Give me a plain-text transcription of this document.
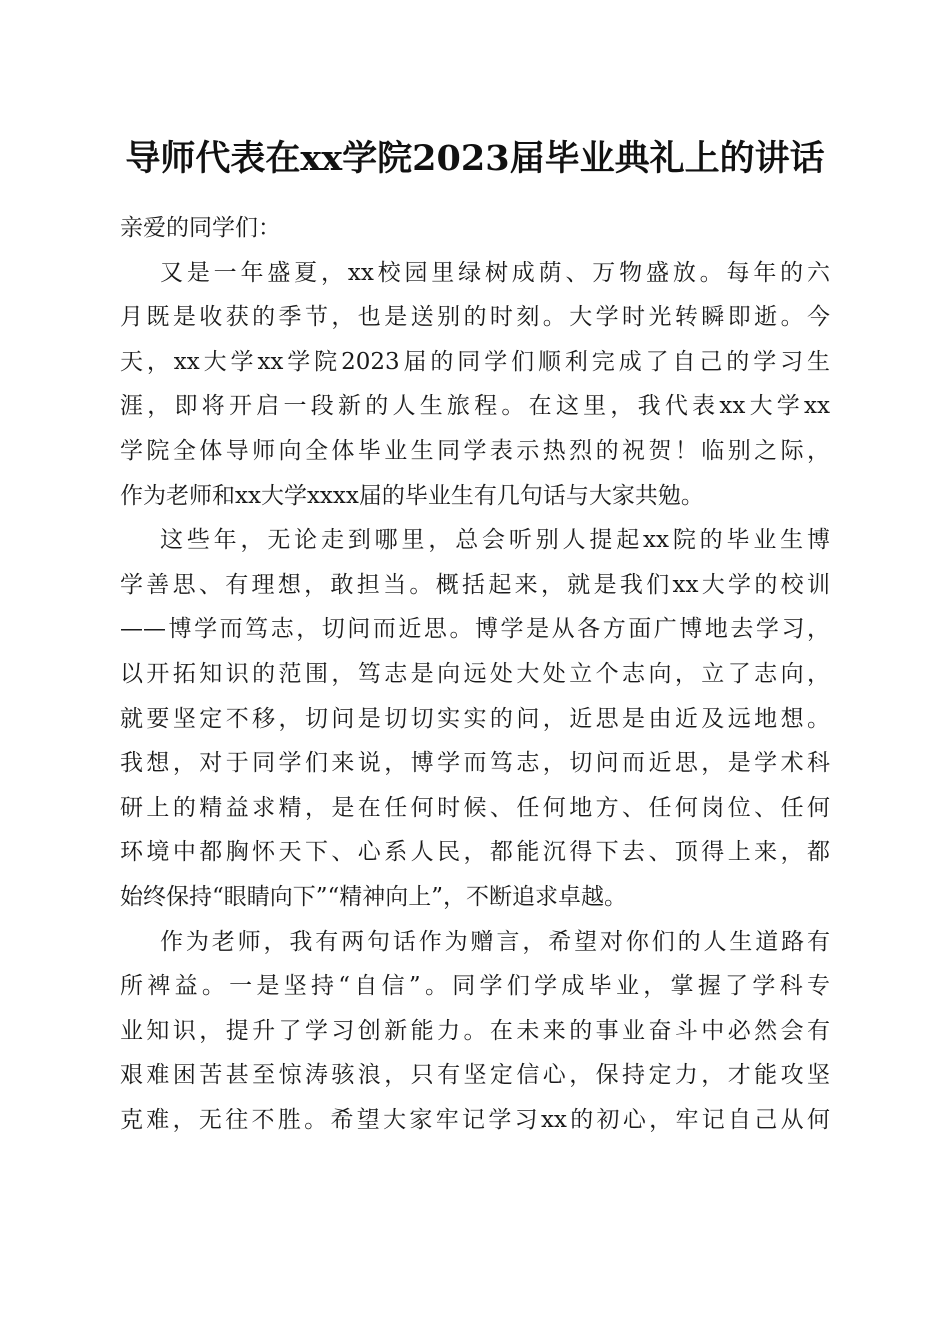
导师代表在xx学院2023届毕业典礼上的讲话
亲爱的同学们：
又是一年盛夏，xx校园里绿树成荫、万物盛放。每年的六
月既是收获的季节，也是送别的时刻。大学时光转瞬即逝。今
天，xx大学xx学院2023届的同学们顺利完成了自己的学习生
涯，即将开启一段新的人生旅程。在这里，我代表xx大学xx
学院全体导师向全体毕业生同学表示热烈的祝贺！临别之际，
作为老师和xx大学xxxx届的毕业生有几句话与大家共勉。
这些年，无论走到哪里，总会听别人提起xx院的毕业生博
学善思、有理想，敢担当。概括起来，就是我们xx大学的校训
——博学而笃志，切问而近思。博学是从各方面广博地去学习，
以开拓知识的范围，笃志是向远处大处立个志向，立了志向，
就要坚定不移，切问是切切实实的问，近思是由近及远地想。
我想，对于同学们来说，博学而笃志，切问而近思，是学术科
研上的精益求精，是在任何时候、任何地方、任何岗位、任何
环境中都胸怀天下、心系人民，都能沉得下去、顶得上来，都
始终保持“眼睛向下”“精神向上”，不断追求卓越。
作为老师，我有两句话作为赠言，希望对你们的人生道路有
所裨益。一是坚持“自信”。同学们学成毕业，掌握了学科专
业知识，提升了学习创新能力。在未来的事业奋斗中必然会有
艰难困苦甚至惊涛骇浪，只有坚定信心，保持定力，才能攻坚
克难，无往不胜。希望大家牢记学习xx的初心，牢记自己从何
